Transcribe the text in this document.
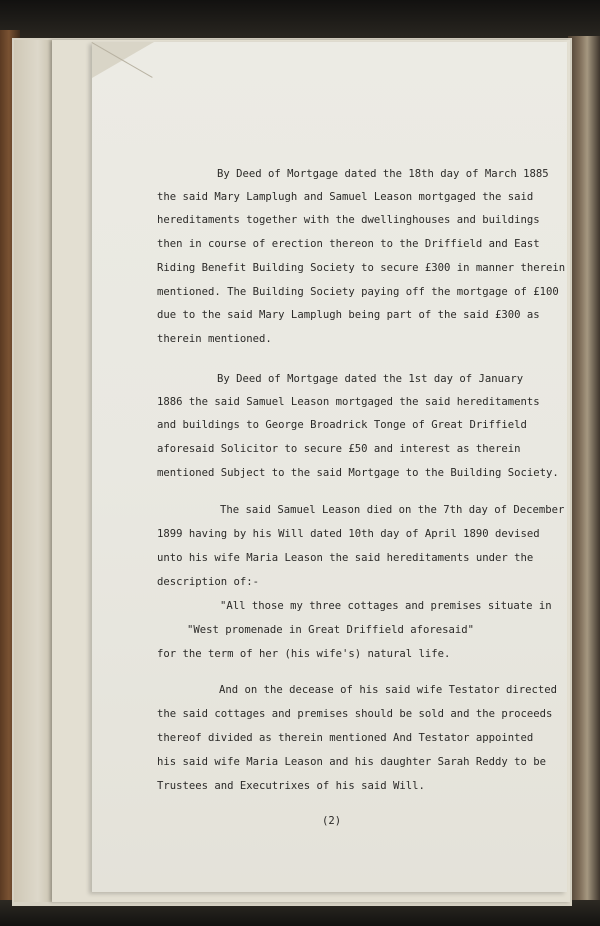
By Deed of Mortgage dated the 18th day of March 1885
the said Mary Lamplugh and Samuel Leason mortgaged the said
hereditaments together with the dwellinghouses and buildings
then in course of erection thereon to the Driffield and East
Riding Benefit Building Society to secure £300 in manner therein
mentioned. The Building Society paying off the mortgage of £100
due to the said Mary Lamplugh being part of the said £300 as
therein mentioned.
By Deed of Mortgage dated the 1st day of January
1886 the said Samuel Leason mortgaged the said hereditaments
and buildings to George Broadrick Tonge of Great Driffield
aforesaid Solicitor to secure £50 and interest as therein
mentioned Subject to the said Mortgage to the Building Society.
The said Samuel Leason died on the 7th day of December
1899 having by his Will dated 10th day of April 1890 devised
unto his wife Maria Leason the said hereditaments under the
description of:-
"All those my three cottages and premises situate in
"West promenade in Great Driffield aforesaid"
for the term of her (his wife's) natural life.
And on the decease of his said wife Testator directed
the said cottages and premises should be sold and the proceeds
thereof divided as therein mentioned And Testator appointed
his said wife Maria Leason and his daughter Sarah Reddy to be
Trustees and Executrixes of his said Will.
(2)
